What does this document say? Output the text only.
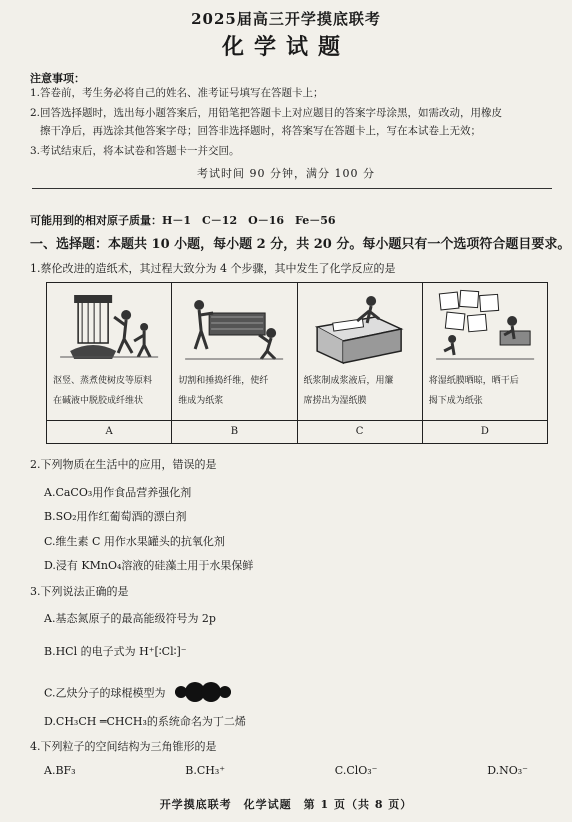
2025届高三开学摸底联考
化学试题
注意事项：
1.答卷前，考生务必将自己的姓名、准考证号填写在答题卡上；
2.回答选择题时，选出每小题答案后，用铅笔把答题卡上对应题目的答案字母涂黑，如需改动，用橡皮
擦干净后，再选涂其他答案字母；回答非选择题时，将答案写在答题卡上，写在本试卷上无效；
3.考试结束后，将本试卷和答题卡一并交回。
考试时间 90 分钟，满分 100 分
可能用到的相对原子质量：H－1　C－12　O－16　Fe－56
一、选择题：本题共 10 小题，每小题 2 分，共 20 分。每小题只有一个选项符合题目要求。
1.蔡伦改进的造纸术，其过程大致分为 4 个步骤，其中发生了化学反应的是
沤竖、蒸煮使树皮等原料
在碱液中脱胶成纤维状
A
切割和捶捣纤维，使纤
维成为纸浆
B
纸浆制成浆液后，用簾
席捞出为湿纸膜
C
将湿纸膜晒晾，晒干后
揭下成为纸张
D
2.下列物质在生活中的应用，错误的是
A.CaCO₃用作食品营养强化剂
B.SO₂用作红葡萄酒的漂白剂
C.维生素 C 用作水果罐头的抗氧化剂
D.浸有 KMnO₄溶液的硅藻土用于水果保鲜
3.下列说法正确的是
A.基态氮原子的最高能级符号为 2p
B.HCl 的电子式为 H⁺[∶Cl∶]⁻
C.乙炔分子的球棍模型为
D.CH₃CH ═CHCH₃的系统命名为丁二烯
4.下列粒子的空间结构为三角锥形的是
A.BF₃	B.CH₃⁺	C.ClO₃⁻	D.NO₃⁻
开学摸底联考　化学试题　第 1 页（共 8 页）
